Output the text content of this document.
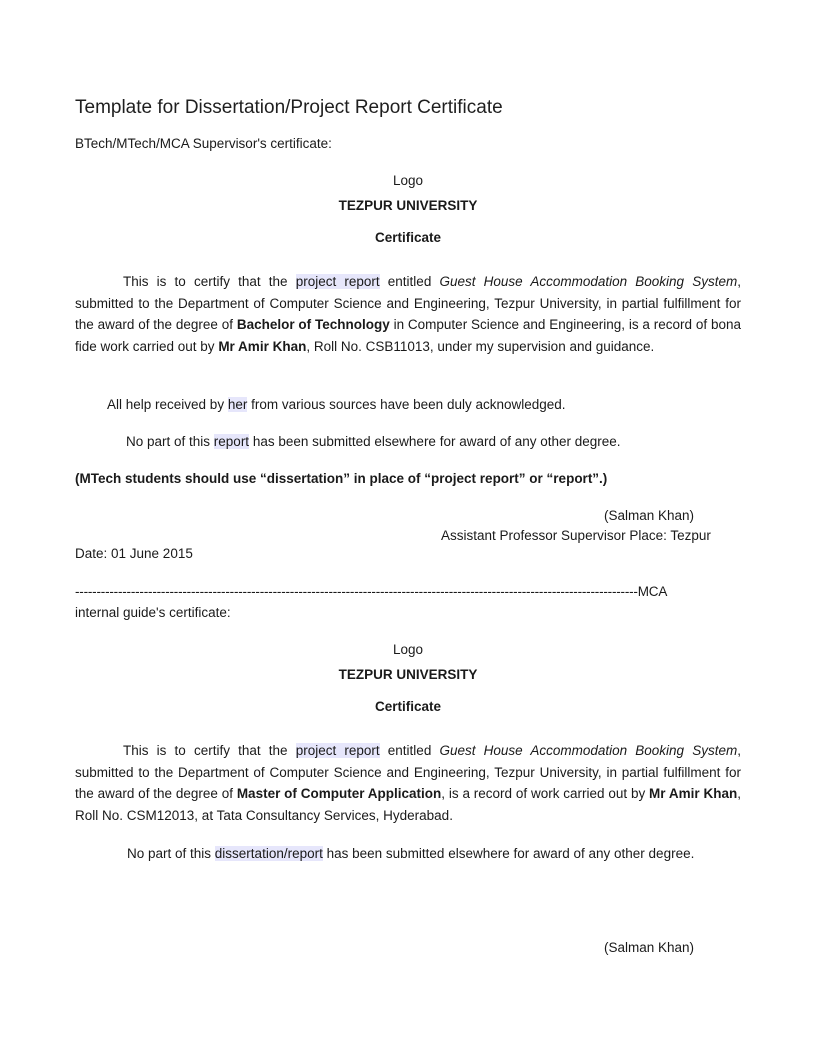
Template for Dissertation/Project Report Certificate
BTech/MTech/MCA Supervisor's certificate:
Logo
TEZPUR UNIVERSITY
Certificate

This is to certify that the project report entitled Guest House Accommodation Booking System, submitted to the Department of Computer Science and Engineering, Tezpur University, in partial fulfillment for the award of the degree of Bachelor of Technology in Computer Science and Engineering, is a record of bona fide work carried out by Mr Amir Khan, Roll No. CSB11013, under my supervision and guidance.

All help received by her from various sources have been duly acknowledged.
No part of this report has been submitted elsewhere for award of any other degree.
(MTech students should use “dissertation” in place of “project report” or “report”.)
(Salman Khan)
Assistant Professor Supervisor Place: Tezpur
Date: 01 June 2015
-----------------------------------------------------------------------------------------------------------------------------------MCA
internal guide's certificate:
Logo
TEZPUR UNIVERSITY
Certificate

This is to certify that the project report entitled Guest House Accommodation Booking System, submitted to the Department of Computer Science and Engineering, Tezpur University, in partial fulfillment for the award of the degree of Master of Computer Application, is a record of work carried out by Mr Amir Khan, Roll No. CSM12013, at Tata Consultancy Services, Hyderabad.

No part of this dissertation/report has been submitted elsewhere for award of any other degree.

(Salman Khan)
